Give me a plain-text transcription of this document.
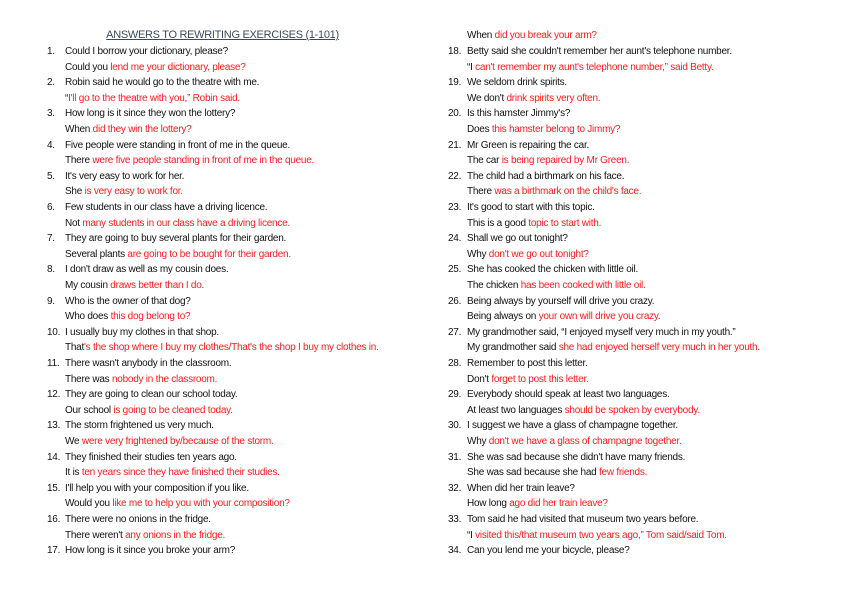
ANSWERS TO REWRITING EXERCISES (1-101)
1. Could I borrow your dictionary, please?
Could you lend me your dictionary, please?
2. Robin said he would go to the theatre with me.
“I'll go to the theatre with you,” Robin said.
3. How long is it since they won the lottery?
When did they win the lottery?
4. Five people were standing in front of me in the queue.
There were five people standing in front of me in the queue.
5. It's very easy to work for her.
She is very easy to work for.
6. Few students in our class have a driving licence.
Not many students in our class have a driving licence.
7. They are going to buy several plants for their garden.
Several plants are going to be bought for their garden.
8. I don't draw as well as my cousin does.
My cousin draws better than I do.
9. Who is the owner of that dog?
Who does this dog belong to?
10. I usually buy my clothes in that shop.
That's the shop where I buy my clothes/That's the shop I buy my clothes in.
11. There wasn't anybody in the classroom.
There was nobody in the classroom.
12. They are going to clean our school today.
Our school is going to be cleaned today.
13. The storm frightened us very much.
We were very frightened by/because of the storm.
14. They finished their studies ten years ago.
It is ten years since they have finished their studies.
15. I'll help you with your composition if you like.
Would you like me to help you with your composition?
16. There were no onions in the fridge.
There weren't any onions in the fridge.
17. How long is it since you broke your arm?
When did you break your arm?
18. Betty said she couldn't remember her aunt's telephone number.
“I can't remember my aunt's telephone number,” said Betty.
19. We seldom drink spirits.
We don't drink spirits very often.
20. Is this hamster Jimmy's?
Does this hamster belong to Jimmy?
21. Mr Green is repairing the car.
The car is being repaired by Mr Green.
22. The child had a birthmark on his face.
There was a birthmark on the child's face.
23. It's good to start with this topic.
This is a good topic to start with.
24. Shall we go out tonight?
Why don't we go out tonight?
25. She has cooked the chicken with little oil.
The chicken has been cooked with little oil.
26. Being always by yourself will drive you crazy.
Being always on your own will drive you crazy.
27. My grandmother said, “I enjoyed myself very much in my youth.”
My grandmother said she had enjoyed herself very much in her youth.
28. Remember to post this letter.
Don't forget to post this letter.
29. Everybody should speak at least two languages.
At least two languages should be spoken by everybody.
30. I suggest we have a glass of champagne together.
Why don't we have a glass of champagne together.
31. She was sad because she didn't have many friends.
She was sad because she had few friends.
32. When did her train leave?
How long ago did her train leave?
33. Tom said he had visited that museum two years before.
“I visited this/that museum two years ago,” Tom said/said Tom.
34. Can you lend me your bicycle, please?
